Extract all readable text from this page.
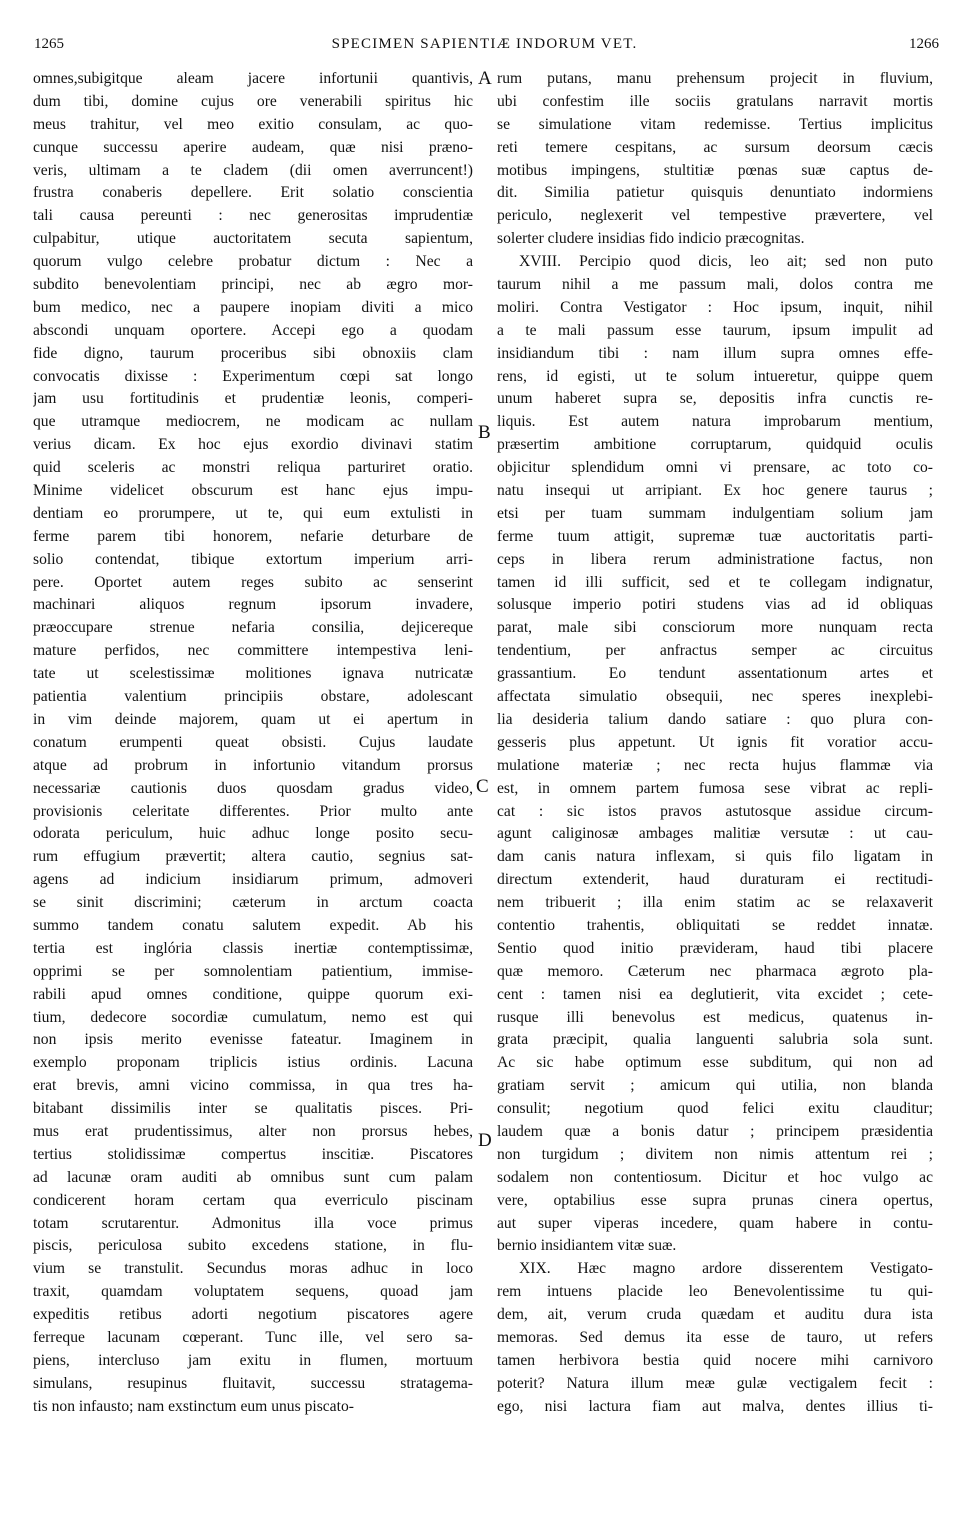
1265	SPECIMEN SAPIENTIÆ INDORUM VET.	1266
omnes,subigitque aleam jacere infortunii quantivis,
dum tibi, domine cujus ore venerabili spiritus hic
meus trahitur, vel meo exitio consulam, ac quo-
cunque successu aperire audeam, quæ nisi præno-
veris, ultimam a te cladem (dii omen averruncent!)
frustra conaberis depellere. Erit solatio conscientia
tali causa pereunti : nec generositas imprudentiæ
culpabitur, utique auctoritatem secuta sapientum,
quorum vulgo celebre probatur dictum : Nec a
subdito benevolentiam principi, nec ab ægro mor-
bum medico, nec a paupere inopiam diviti a mico
abscondi unquam oportere. Accepi ego a quodam
fide digno, taurum proceribus sibi obnoxiis clam
convocatis dixisse : Experimentum cœpi sat longo
jam usu fortitudinis et prudentiæ leonis, comperi-
que utramque mediocrem, ne modicam ac nullam
verius dicam. Ex hoc ejus exordio divinavi statim
quid sceleris ac monstri reliqua parturiret oratio.
Minime videlicet obscurum est hanc ejus impu-
dentiam eo prorumpere, ut te, qui eum extulisti in
ferme parem tibi honorem, nefarie deturbare de
solio contendat, tibique extortum imperium arri-
pere. Oportet autem reges subito ac senserint
machinari aliquos regnum ipsorum invadere,
præoccupare strenue nefaria consilia, dejicereque
mature perfidos, nec committere intempestiva leni-
tate ut scelestissimæ molitiones ignava nutricatæ
patientia valentium principiis obstare, adolescant
in vim deinde majorem, quam ut ei apertum in
conatum erumpenti queat obsisti. Cujus laudate
atque ad probrum in infortunio vitandum prorsus
necessariæ cautionis duos quosdam gradus video,
provisionis celeritate differentes. Prior multo ante
odorata periculum, huic adhuc longe posito secu-
rum effugium prævertit; altera cautio, segnius sat-
agens ad indicium insidiarum primum, admoveri
se sinit discrimini; cæterum in arctum coacta
summo tandem conatu salutem expedit. Ab his
tertia est inglória classis inertiæ contemptissimæ,
opprimi se per somnolentiam patientium, immise-
rabili apud omnes conditione, quippe quorum exi-
tium, dedecore socordiæ cumulatum, nemo est qui
non ipsis merito evenisse fateatur. Imaginem in
exemplo proponam triplicis istius ordinis. Lacuna
erat brevis, amni vicino commissa, in qua tres ha-
bitabant dissimilis inter se qualitatis pisces. Pri-
mus erat prudentissimus, alter non prorsus hebes,
tertius stolidissimæ compertus inscitiæ. Piscatores
ad lacunæ oram auditi ab omnibus sunt cum palam
condicerent horam certam qua everriculo piscinam
totam scrutarentur. Admonitus illa voce primus
piscis, periculosa subito excedens statione, in flu-
vium se transtulit. Secundus moras adhuc in loco
traxit, quamdam voluptatem sequens, quoad jam
expeditis retibus adorti negotium piscatores agere
ferreque lacunam cœperant. Tunc ille, vel sero sa-
piens, intercluso jam exitu in flumen, mortuum
simulans, resupinus fluitavit, successu stratagema-
tis non infausto; nam exstinctum eum unus piscato-
rum putans, manu prehensum projecit in fluvium,
ubi confestim ille sociis gratulans narravit mortis
se simulatione vitam redemisse. Tertius implicitus
reti temere cespitans, ac sursum deorsum cæcis
motibus impingens, stultitiæ pœnas suæ captus de-
dit. Similia patietur quisquis denuntiato indormiens
periculo, neglexerit vel tempestive prævertere, vel
solerter cludere insidias fido indicio præcognitas.
XVIII. Percipio quod dicis, leo ait; sed non puto
taurum nihil a me passum mali, dolos contra me
moliri. Contra Vestigator : Hoc ipsum, inquit, nihil
a te mali passum esse taurum, ipsum impulit ad
insidiandum tibi : nam illum supra omnes effe-
rens, id egisti, ut te solum intueretur, quippe quem
unum haberet supra se, depositis infra cunctis re-
liquis. Est autem natura improbarum mentium,
præsertim ambitione corruptarum, quidquid oculis
objicitur splendidum omni vi prensare, ac toto co-
natu insequi ut arripiant. Ex hoc genere taurus ;
etsi per tuam summam indulgentiam solium jam
ferme tuum attigit, supremæ tuæ auctoritatis parti-
ceps in libera rerum administratione factus, non
tamen id illi sufficit, sed et te collegam indignatur,
solusque imperio potiri studens vias ad id obliquas
parat, male sibi consciorum more nunquam recta
tendentium, per anfractus semper ac circuitus
grassantium. Eo tendunt assentationum artes et
affectata simulatio obsequii, nec speres inexplebi-
lia desideria talium dando satiare : quo plura con-
gesseris plus appetunt. Ut ignis fit voratior accu-
mulatione materiæ ; nec recta hujus flammæ via
est, in omnem partem fumosa sese vibrat ac repli-
cat : sic istos pravos astutosque assidue circum-
agunt caliginosæ ambages malitiæ versutæ : ut cau-
dam canis natura inflexam, si quis filo ligatam in
directum extenderit, haud duraturam ei rectitudi-
nem tribuerit ; illa enim statim ac se relaxaverit
contentio trahentis, obliquitati se reddet innatæ.
Sentio quod initio prævideram, haud tibi placere
quæ memoro. Cæterum nec pharmaca ægroto pla-
cent : tamen nisi ea deglutierit, vita excidet ; cete-
rusque illi benevolus est medicus, quatenus in-
grata præcipit, qualia languenti salubria sola sunt.
Ac sic habe optimum esse subditum, qui non ad
gratiam servit ; amicum qui utilia, non blanda
consulit; negotium quod felici exitu clauditur;
laudem quæ a bonis datur ; principem præsidentia
non turgidum ; divitem non nimis attentum rei ;
sodalem non contentiosum. Dicitur et hoc vulgo ac
vere, optabilius esse supra prunas cinera opertus,
aut super viperas incedere, quam habere in contu-
bernio insidiantem vitæ suæ.
XIX. Hæc magno ardore disserentem Vestigato-
rem intuens placide leo Benevolentissime tu qui-
dem, ait, verum cruda quædam et auditu dura ista
memoras. Sed demus ita esse de tauro, ut refers
tamen herbivora bestia quid nocere mihi carnivoro
poterit? Natura illum meæ gulæ vectigalem fecit :
ego, nisi lactura fiam aut malva, dentes illius ti-
A
B
C
D
